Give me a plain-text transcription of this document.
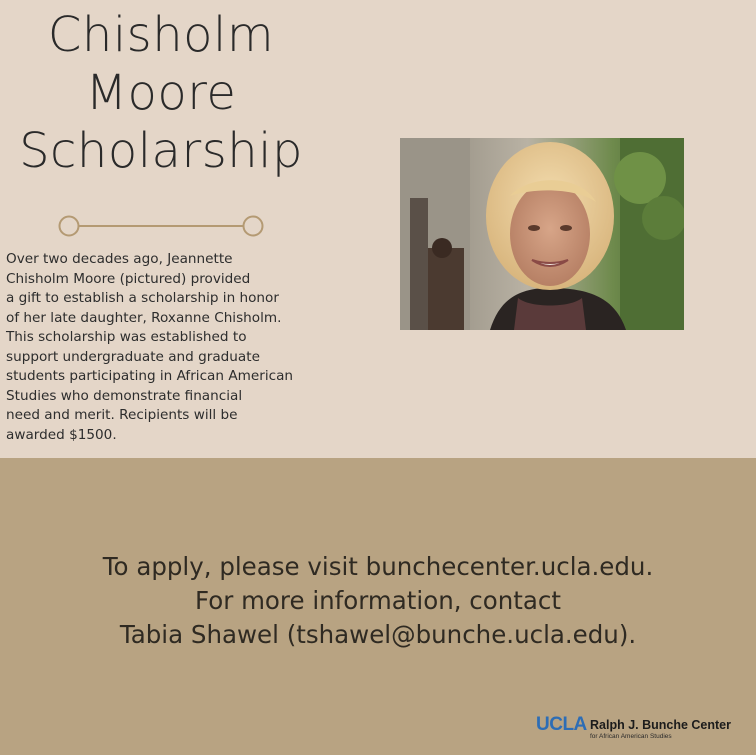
Chisholm
Moore
Scholarship
Over two decades ago, Jeannette
Chisholm Moore (pictured) provided
a gift to establish a scholarship in honor
of her late daughter, Roxanne Chisholm.
This scholarship was established to
support undergraduate and graduate
students participating in African American
Studies who demonstrate financial
need and merit. Recipients will be
awarded $1500.
To apply, please visit bunchecenter.ucla.edu.
For more information, contact
Tabia Shawel (tshawel@bunche.ucla.edu).
UCLA Ralph J. Bunche Center
for African American Studies
